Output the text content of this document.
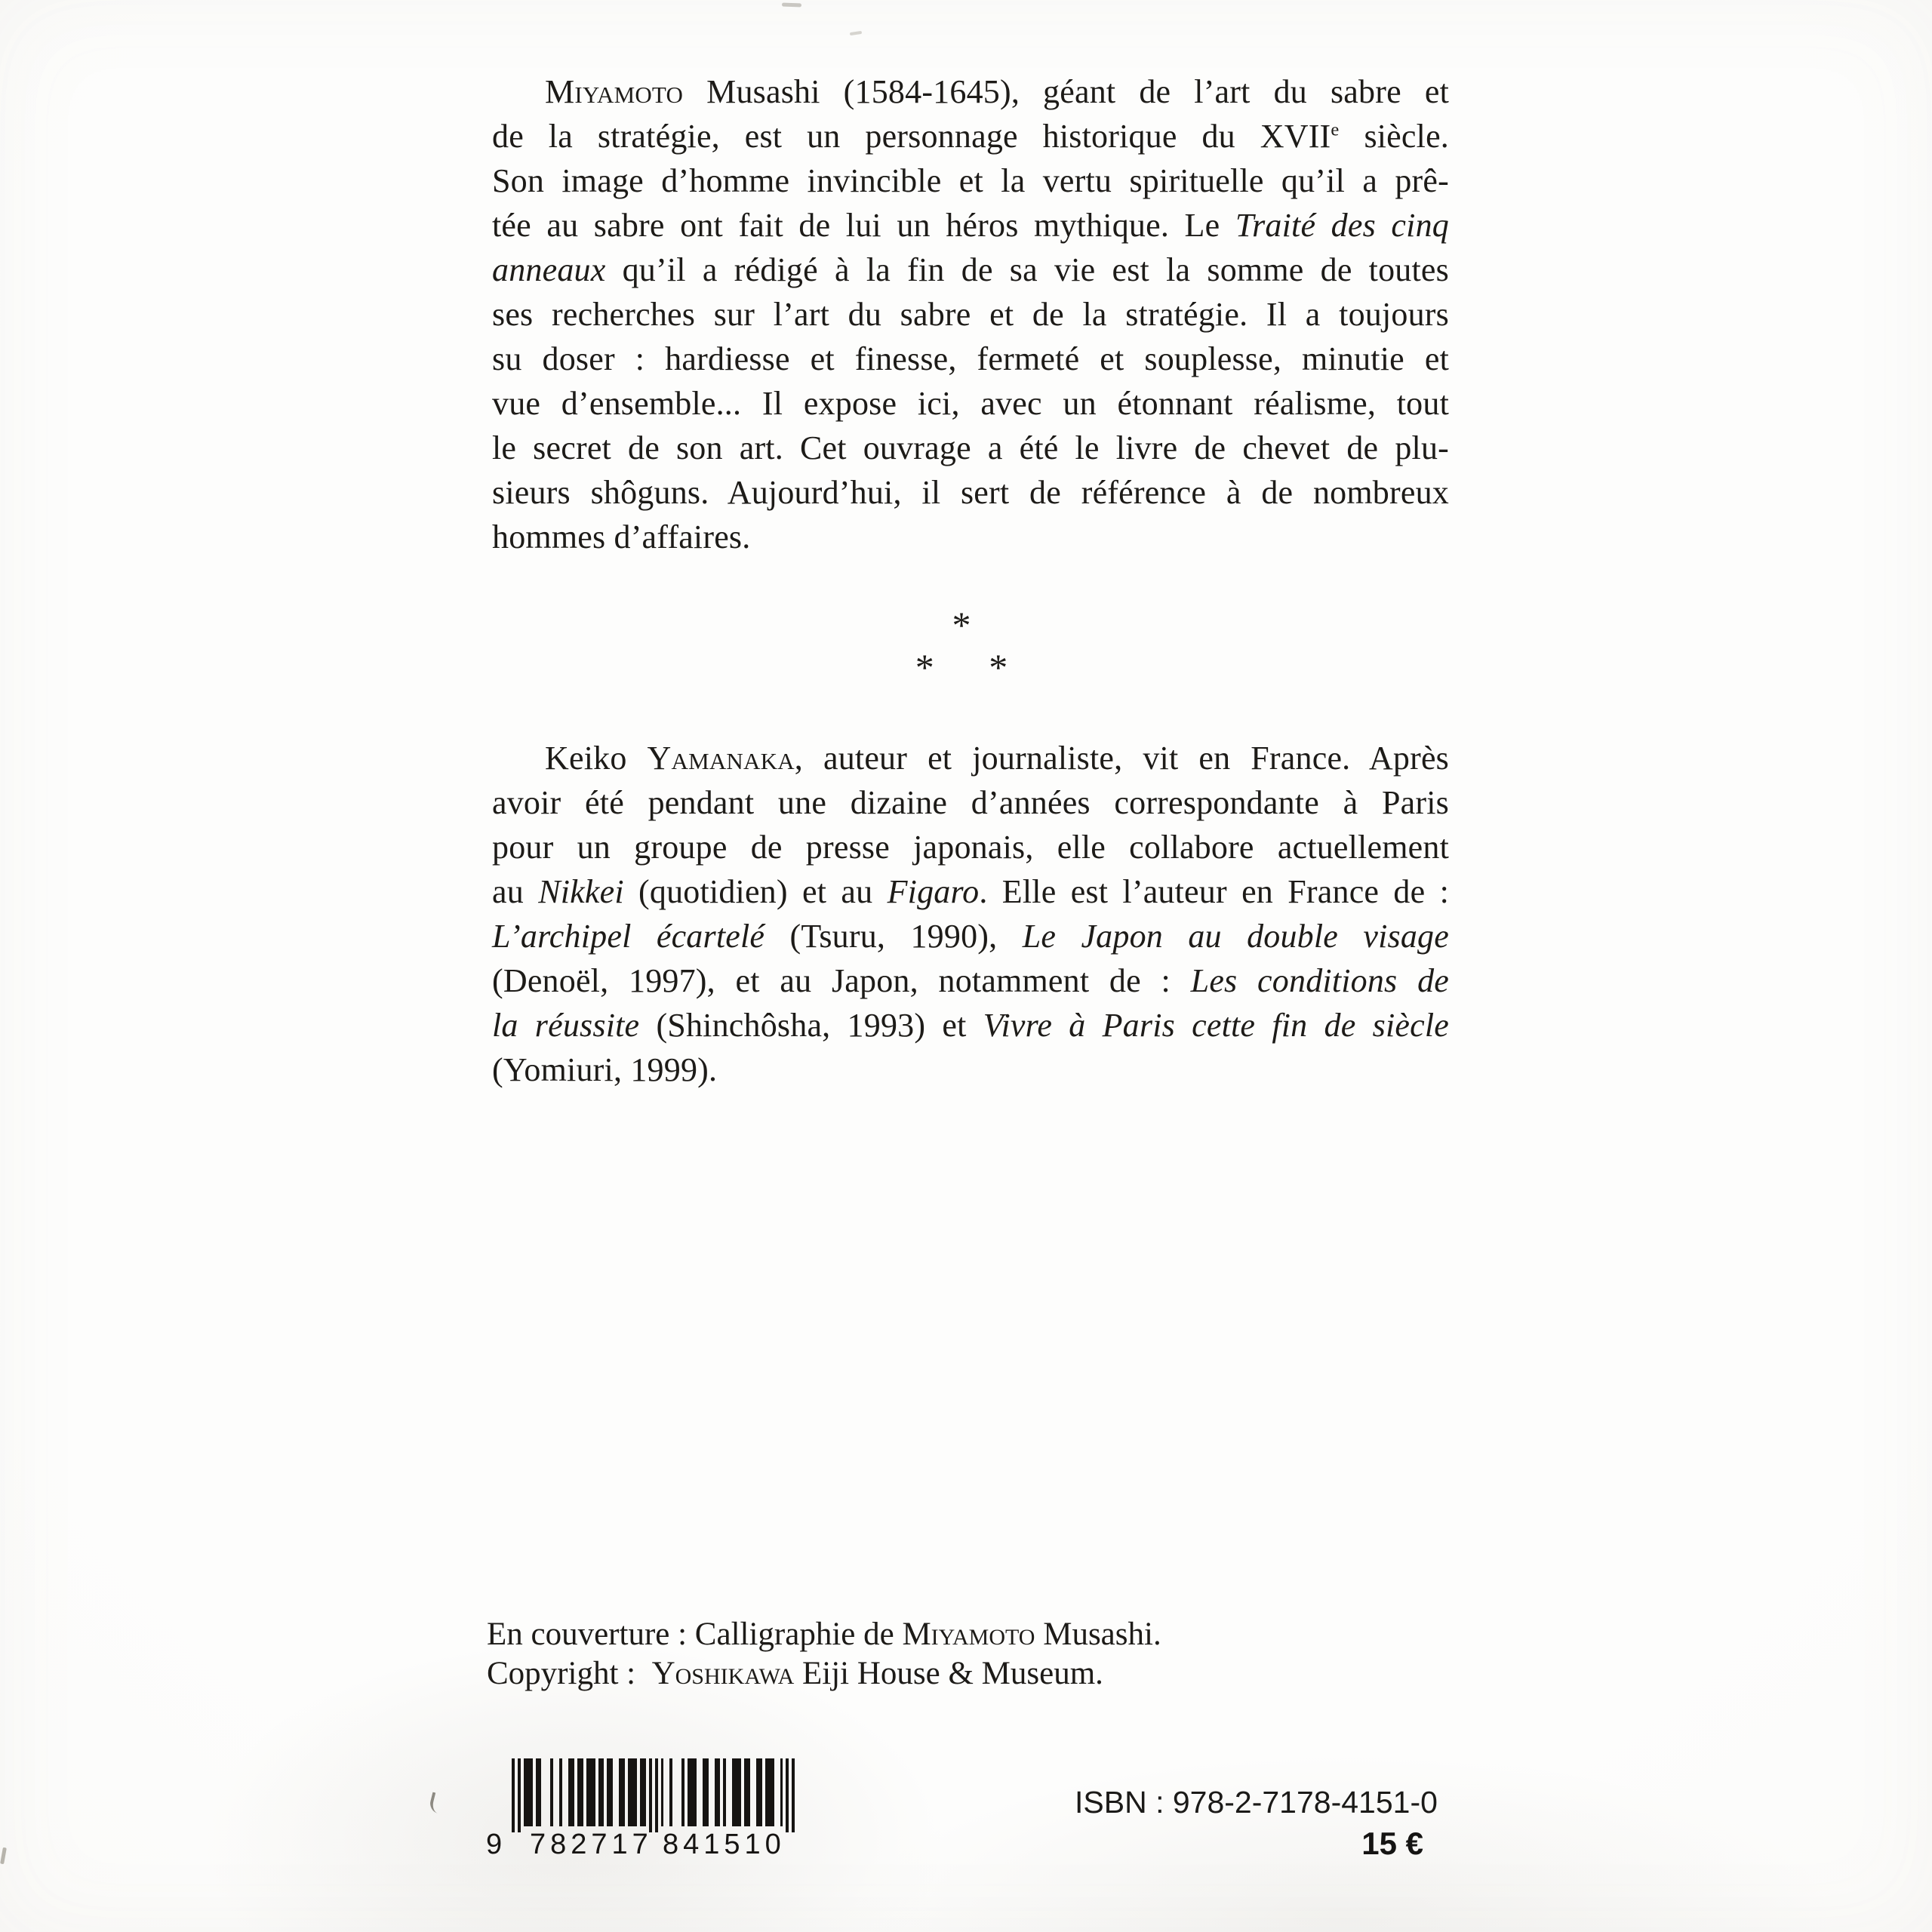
Miyamoto Musashi (1584-1645), géant de l’art du sabre et
de la stratégie, est un personnage historique du XVIIe siècle.
Son image d’homme invincible et la vertu spirituelle qu’il a prê-
tée au sabre ont fait de lui un héros mythique. Le Traité des cinq
anneaux qu’il a rédigé à la fin de sa vie est la somme de toutes
ses recherches sur l’art du sabre et de la stratégie. Il a toujours
su doser : hardiesse et finesse, fermeté et souplesse, minutie et
vue d’ensemble... Il expose ici, avec un étonnant réalisme, tout
le secret de son art. Cet ouvrage a été le livre de chevet de plu-
sieurs shôguns. Aujourd’hui, il sert de référence à de nombreux
hommes d’affaires.
*
* *
Keiko Yamanaka, auteur et journaliste, vit en France. Après
avoir été pendant une dizaine d’années correspondante à Paris
pour un groupe de presse japonais, elle collabore actuellement
au Nikkei (quotidien) et au Figaro. Elle est l’auteur en France de :
L’archipel écartelé (Tsuru, 1990), Le Japon au double visage
(Denoël, 1997), et au Japon, notamment de : Les conditions de
la réussite (Shinchôsha, 1993) et Vivre à Paris cette fin de siècle
(Yomiuri, 1999).
En couverture : Calligraphie de Miyamoto Musashi.
Copyright :  Yoshikawa Eiji House & Museum.
9 782717 841510
ISBN : 978-2-7178-4151-0
15 €
